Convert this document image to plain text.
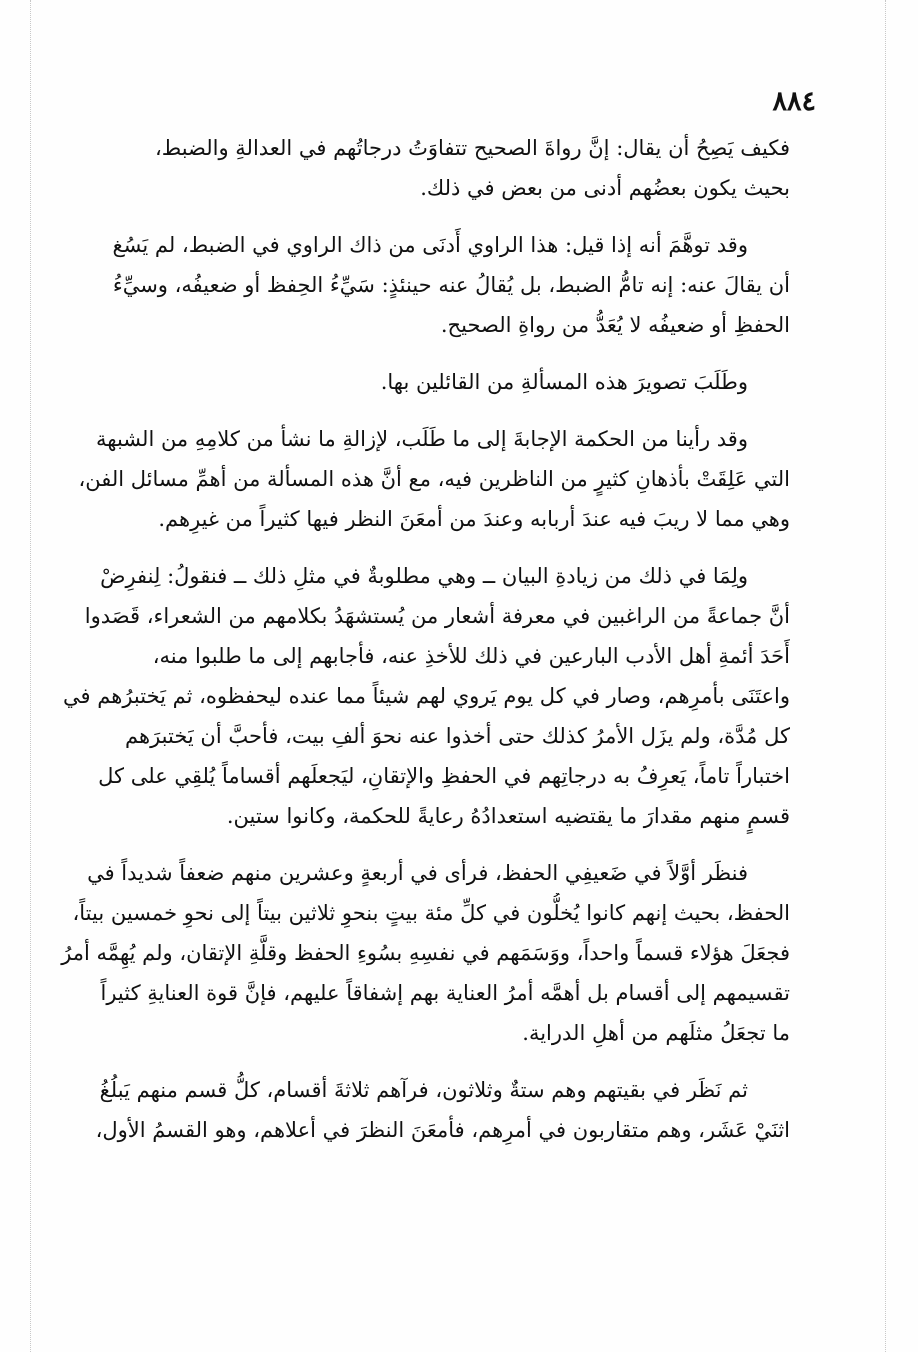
٨٨٤
فكيف يَصِحُ أن يقال: إنَّ رواةَ الصحيح تتفاوَتُ درجاتُهم في العدالةِ والضبط،
بحيث يكون بعضُهم أدنى من بعض في ذلك.
وقد توهَّمَ أنه إذا قيل: هذا الراوي أَدنَى من ذاك الراوي في الضبط، لم يَسُغ
أن يقالَ عنه: إنه تامُّ الضبط، بل يُقالُ عنه حينئذٍ: سَيِّءُ الحِفظ أو ضعيفُه، وسيِّءُ
الحفظِ أو ضعيفُه لا يُعَدُّ من رواةِ الصحيح.
وطَلَبَ تصويرَ هذه المسألةِ من القائلين بها.
وقد رأينا من الحكمة الإجابةَ إلى ما طَلَب، لإزالةِ ما نشأ من كلامِهِ من الشبهة
التي عَلِقَتْ بأذهانِ كثيرٍ من الناظرين فيه، مع أنَّ هذه المسألة من أهمِّ مسائل الفن،
وهي مما لا ريبَ فيه عندَ أربابه وعندَ من أمعَنَ النظر فيها كثيراً من غيرِهم.
ولِمَا في ذلك من زيادةِ البيان ــ وهي مطلوبةٌ في مثلِ ذلك ــ فنقولُ: لِنفرِضْ
أنَّ جماعةً من الراغبين في معرفة أشعار من يُستشهَدُ بكلامهم من الشعراء، قَصَدوا
أَحَدَ أئمةِ أهل الأدب البارعين في ذلك للأخذِ عنه، فأجابهم إلى ما طلبوا منه،
واعتَنَى بأمرِهم، وصار في كل يوم يَروي لهم شيئاً مما عنده ليحفظوه، ثم يَختبرُهم في
كل مُدَّة، ولم يزَل الأمرُ كذلك حتى أخذوا عنه نحوَ ألفِ بيت، فأحبَّ أن يَختبرَهم
اختباراً تاماً، يَعرِفُ به درجاتِهم في الحفظِ والإتقانِ، ليَجعلَهم أقساماً يُلقِي على كل
قسمٍ منهم مقدارَ ما يقتضيه استعدادُهُ رعايةً للحكمة، وكانوا ستين.
فنظَر أوَّلاً في ضَعيفِي الحفظ، فرأى في أربعةٍ وعشرين منهم ضعفاً شديداً في
الحفظ، بحيث إنهم كانوا يُخلُّون في كلِّ مئة بيتٍ بنحوِ ثلاثين بيتاً إلى نحوِ خمسين بيتاً،
فجعَلَ هؤلاء قسماً واحداً، ووَسَمَهم في نفسِهِ بسُوءِ الحفظ وقلَّةِ الإتقان، ولم يُهِمَّه أمرُ
تقسيمهم إلى أقسام بل أهمَّه أمرُ العناية بهم إشفاقاً عليهم، فإنَّ قوة العنايةِ كثيراً
ما تجعَلُ مثلَهم من أهلِ الدراية.
ثم نَظَر في بقيتهم وهم ستةٌ وثلاثون، فرآهم ثلاثةَ أقسام، كلُّ قسم منهم يَبلُغُ
اثنَيْ عَشَر، وهم متقاربون في أمرِهم، فأمعَنَ النظرَ في أعلاهم، وهو القسمُ الأول،
